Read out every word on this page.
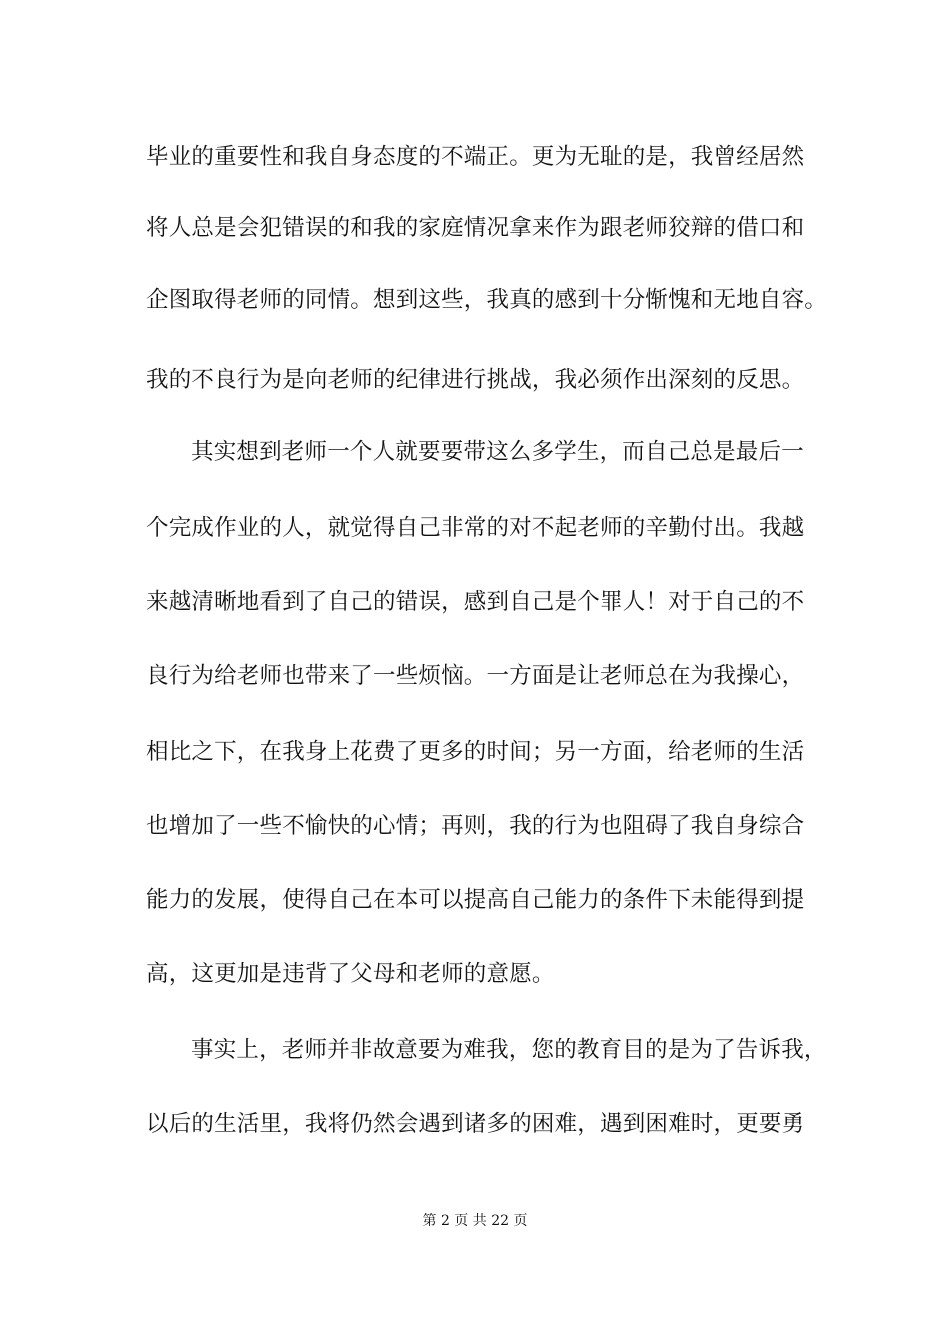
毕业的重要性和我自身态度的不端正。更为无耻的是，我曾经居然
将人总是会犯错误的和我的家庭情况拿来作为跟老师狡辩的借口和
企图取得老师的同情。想到这些，我真的感到十分惭愧和无地自容。
我的不良行为是向老师的纪律进行挑战，我必须作出深刻的反思。
其实想到老师一个人就要要带这么多学生，而自己总是最后一
个完成作业的人，就觉得自己非常的对不起老师的辛勤付出。我越
来越清晰地看到了自己的错误，感到自己是个罪人！对于自己的不
良行为给老师也带来了一些烦恼。一方面是让老师总在为我操心，
相比之下，在我身上花费了更多的时间；另一方面，给老师的生活
也增加了一些不愉快的心情；再则，我的行为也阻碍了我自身综合
能力的发展，使得自己在本可以提高自己能力的条件下未能得到提
高，这更加是违背了父母和老师的意愿。
事实上，老师并非故意要为难我，您的教育目的是为了告诉我，
以后的生活里，我将仍然会遇到诸多的困难，遇到困难时，更要勇
第 2 页 共 22 页
